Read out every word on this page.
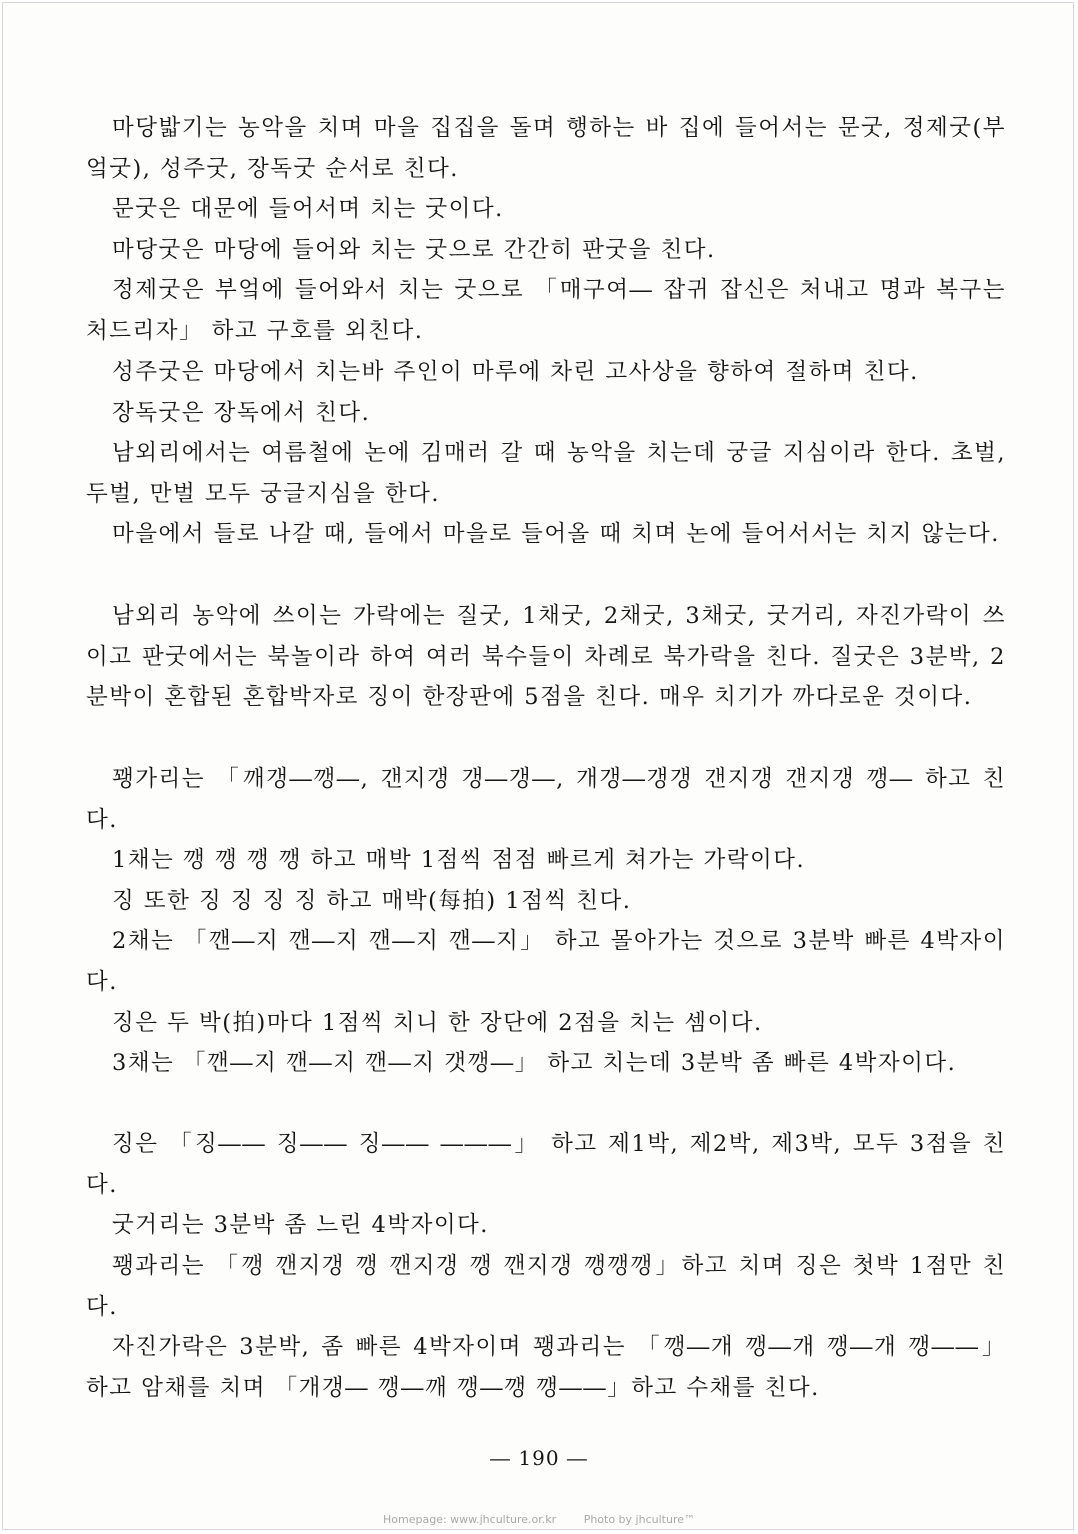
마당밟기는 농악을 치며 마을 집집을 돌며 행하는 바 집에 들어서는 문굿, 정제굿(부엌굿), 성주굿, 장독굿 순서로 친다.

문굿은 대문에 들어서며 치는 굿이다.

마당굿은 마당에 들어와 치는 굿으로 간간히 판굿을 친다.

정제굿은 부엌에 들어와서 치는 굿으로 「매구여― 잡귀 잡신은 처내고 명과 복구는 처드리자」 하고 구호를 외친다.

성주굿은 마당에서 치는바 주인이 마루에 차린 고사상을 향하여 절하며 친다.

장독굿은 장독에서 친다.

남외리에서는 여름철에 논에 김매러 갈 때 농악을 치는데 궁글 지심이라 한다. 초벌, 두벌, 만벌 모두 궁글지심을 한다.

마을에서 들로 나갈 때, 들에서 마을로 들어올 때 치며 논에 들어서서는 치지 않는다.

남외리 농악에 쓰이는 가락에는 질굿, 1채굿, 2채굿, 3채굿, 굿거리, 자진가락이 쓰이고 판굿에서는 북놀이라 하여 여러 북수들이 차례로 북가락을 친다. 질굿은 3분박, 2분박이 혼합된 혼합박자로 징이 한장판에 5점을 친다. 매우 치기가 까다로운 것이다.

꽹가리는 「깨갱―깽―, 갠지갱 갱―갱―, 개갱―갱갱 갠지갱 갠지갱 깽― 하고 친다.

1채는 깽 깽 깽 깽 하고 매박 1점씩 점점 빠르게 쳐가는 가락이다.

징 또한 징 징 징 징 하고 매박(每拍) 1점씩 친다.

2채는 「깬―지 깬―지 깬―지 깬―지」 하고 몰아가는 것으로 3분박 빠른 4박자이다.

징은 두 박(拍)마다 1점씩 치니 한 장단에 2점을 치는 셈이다.

3채는 「깬―지 깬―지 깬―지 갯깽―」 하고 치는데 3분박 좀 빠른 4박자이다.

징은 「징―― 징―― 징―― ―――」 하고 제1박, 제2박, 제3박, 모두 3점을 친다.

굿거리는 3분박 좀 느린 4박자이다.

꽹과리는 「깽 깬지갱 깽 깬지갱 깽 깬지갱 깽깽깽」하고 치며 징은 첫박 1점만 친다.

자진가락은 3분박, 좀 빠른 4박자이며 꽹과리는 「깽―개 깽―개 깽―개 깽――」 하고 암채를 치며 「개갱― 깽―깨 깽―깽 깽――」하고 수채를 친다.

― 190 ―
Homepage: www.jhculture.or.kr	Photo by jhculture™
